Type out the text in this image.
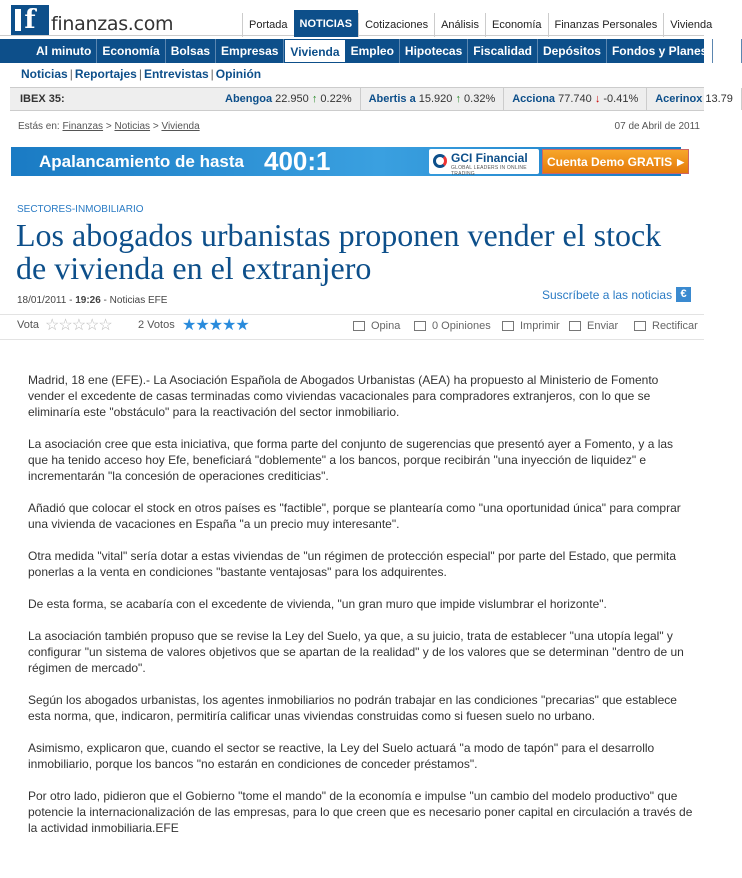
f finanzas.com	Portada	NOTICIAS	Cotizaciones	Análisis	Economía	Finanzas Personales	Vivienda
Al minuto Economía Bolsas Empresas	Vivienda Empleo Hipotecas Fiscalidad Depósitos Fondos y Planes Ind
Noticias | Reportajes | Entrevistas | Opinión
IBEX 35:	Abengoa 22.950 ↑ 0.22%	Abertis a 15.920 ↑ 0.32%	Acciona 77.740 ↓ -0.41%	Acerinox 13.79
Estás en: Finanzas > Noticias > Vivienda	07 de Abril de 2011
Apalancamiento de hasta 400:1	GCI Financial
GLOBAL LEADERS IN ONLINE TRADING
Cuenta Demo GRATIS ▶
SECTORES-INMOBILIARIO
Los abogados urbanistas proponen vender el stock de vivienda en el extranjero
18/01/2011 - 19:26 - Noticias EFE	Suscríbete a las noticias €
Vota ☆ ☆ ☆ ☆ ☆ 2 Votos ★ ★ ★ ★ ★	Opina	0 Opiniones	Imprimir Enviar	Rectificar

Madrid, 18 ene (EFE).- La Asociación Española de Abogados Urbanistas (AEA) ha propuesto al Ministerio de Fomento vender el excedente de casas terminadas como viviendas vacacionales para compradores extranjeros, con lo que se eliminaría este "obstáculo" para la reactivación del sector inmobiliario.

La asociación cree que esta iniciativa, que forma parte del conjunto de sugerencias que presentó ayer a Fomento, y a las que ha tenido acceso hoy Efe, beneficiará "doblemente" a los bancos, porque recibirán "una inyección de liquidez" e incrementarán "la concesión de operaciones crediticias".

Añadió que colocar el stock en otros países es "factible", porque se plantearía como "una oportunidad única" para comprar una vivienda de vacaciones en España "a un precio muy interesante".

Otra medida "vital" sería dotar a estas viviendas de "un régimen de protección especial" por parte del Estado, que permita ponerlas a la venta en condiciones "bastante ventajosas" para los adquirentes.

De esta forma, se acabaría con el excedente de vivienda, "un gran muro que impide vislumbrar el horizonte".

La asociación también propuso que se revise la Ley del Suelo, ya que, a su juicio, trata de establecer "una utopía legal" y configurar "un sistema de valores objetivos que se apartan de la realidad" y de los valores que se determinan "dentro de un régimen de mercado".

Según los abogados urbanistas, los agentes inmobiliarios no podrán trabajar en las condiciones "precarias" que establece esta norma, que, indicaron, permitiría calificar unas viviendas construidas como si fuesen suelo no urbano.

Asimismo, explicaron que, cuando el sector se reactive, la Ley del Suelo actuará "a modo de tapón" para el desarrollo inmobiliario, porque los bancos "no estarán en condiciones de conceder préstamos".

Por otro lado, pidieron que el Gobierno "tome el mando" de la economía e impulse "un cambio del modelo productivo" que potencie la internacionalización de las empresas, para lo que creen que es necesario poner capital en circulación a través de la actividad inmobiliaria.EFE
